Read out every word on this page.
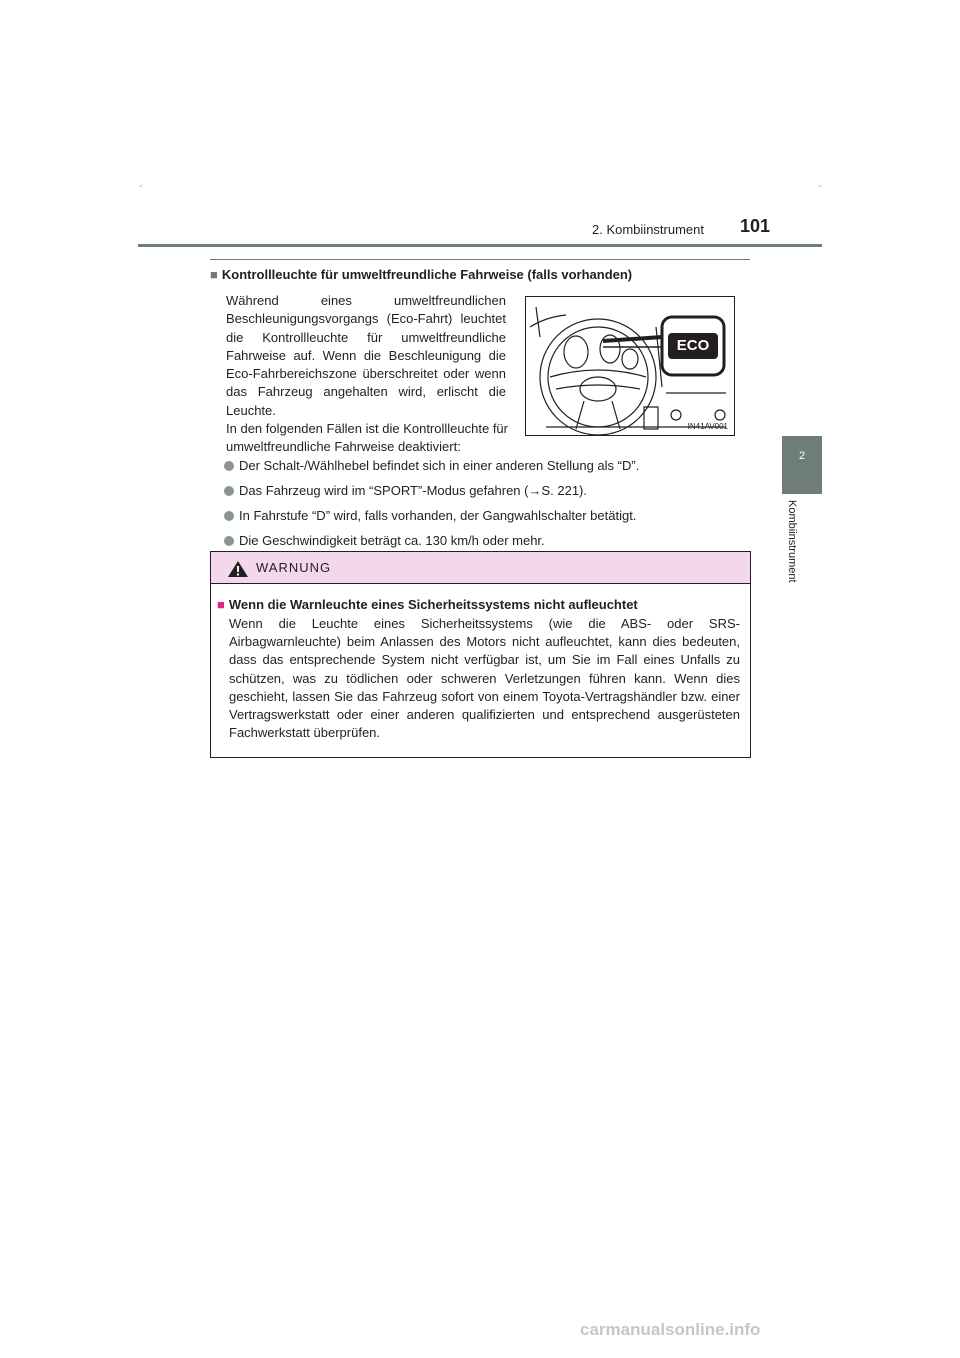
-	-
2. Kombiinstrument 101
2
Kombiinstrument
■ Kontrollleuchte für umweltfreundliche Fahrweise (falls vorhanden)
Während eines umweltfreundlichen Beschleunigungsvorgangs (Eco-Fahrt) leuchtet die Kontrollleuchte für umweltfreundliche Fahrweise auf. Wenn die Beschleunigung die Eco-Fahrbereichszone überschreitet oder wenn das Fahrzeug angehalten wird, erlischt die Leuchte.
In den folgenden Fällen ist die Kontrollleuchte für umweltfreundliche Fahrweise deaktiviert:
ECO
IN41AV001
Der Schalt-/Wählhebel befindet sich in einer anderen Stellung als “D”.
Das Fahrzeug wird im “SPORT”-Modus gefahren (→S. 221).
In Fahrstufe “D” wird, falls vorhanden, der Gangwahlschalter betätigt.
Die Geschwindigkeit beträgt ca. 130 km/h oder mehr.
WARNUNG
■ Wenn die Warnleuchte eines Sicherheitssystems nicht aufleuchtet
Wenn die Leuchte eines Sicherheitssystems (wie die ABS- oder SRS-Airbagwarnleuchte) beim Anlassen des Motors nicht aufleuchtet, kann dies bedeuten, dass das entsprechende System nicht verfügbar ist, um Sie im Fall eines Unfalls zu schützen, was zu tödlichen oder schweren Verletzungen führen kann. Wenn dies geschieht, lassen Sie das Fahrzeug sofort von einem Toyota-Vertragshändler bzw. einer Vertragswerkstatt oder einer anderen qualifizierten und entsprechend ausgerüsteten Fachwerkstatt überprüfen.
carmanualsonline.info
